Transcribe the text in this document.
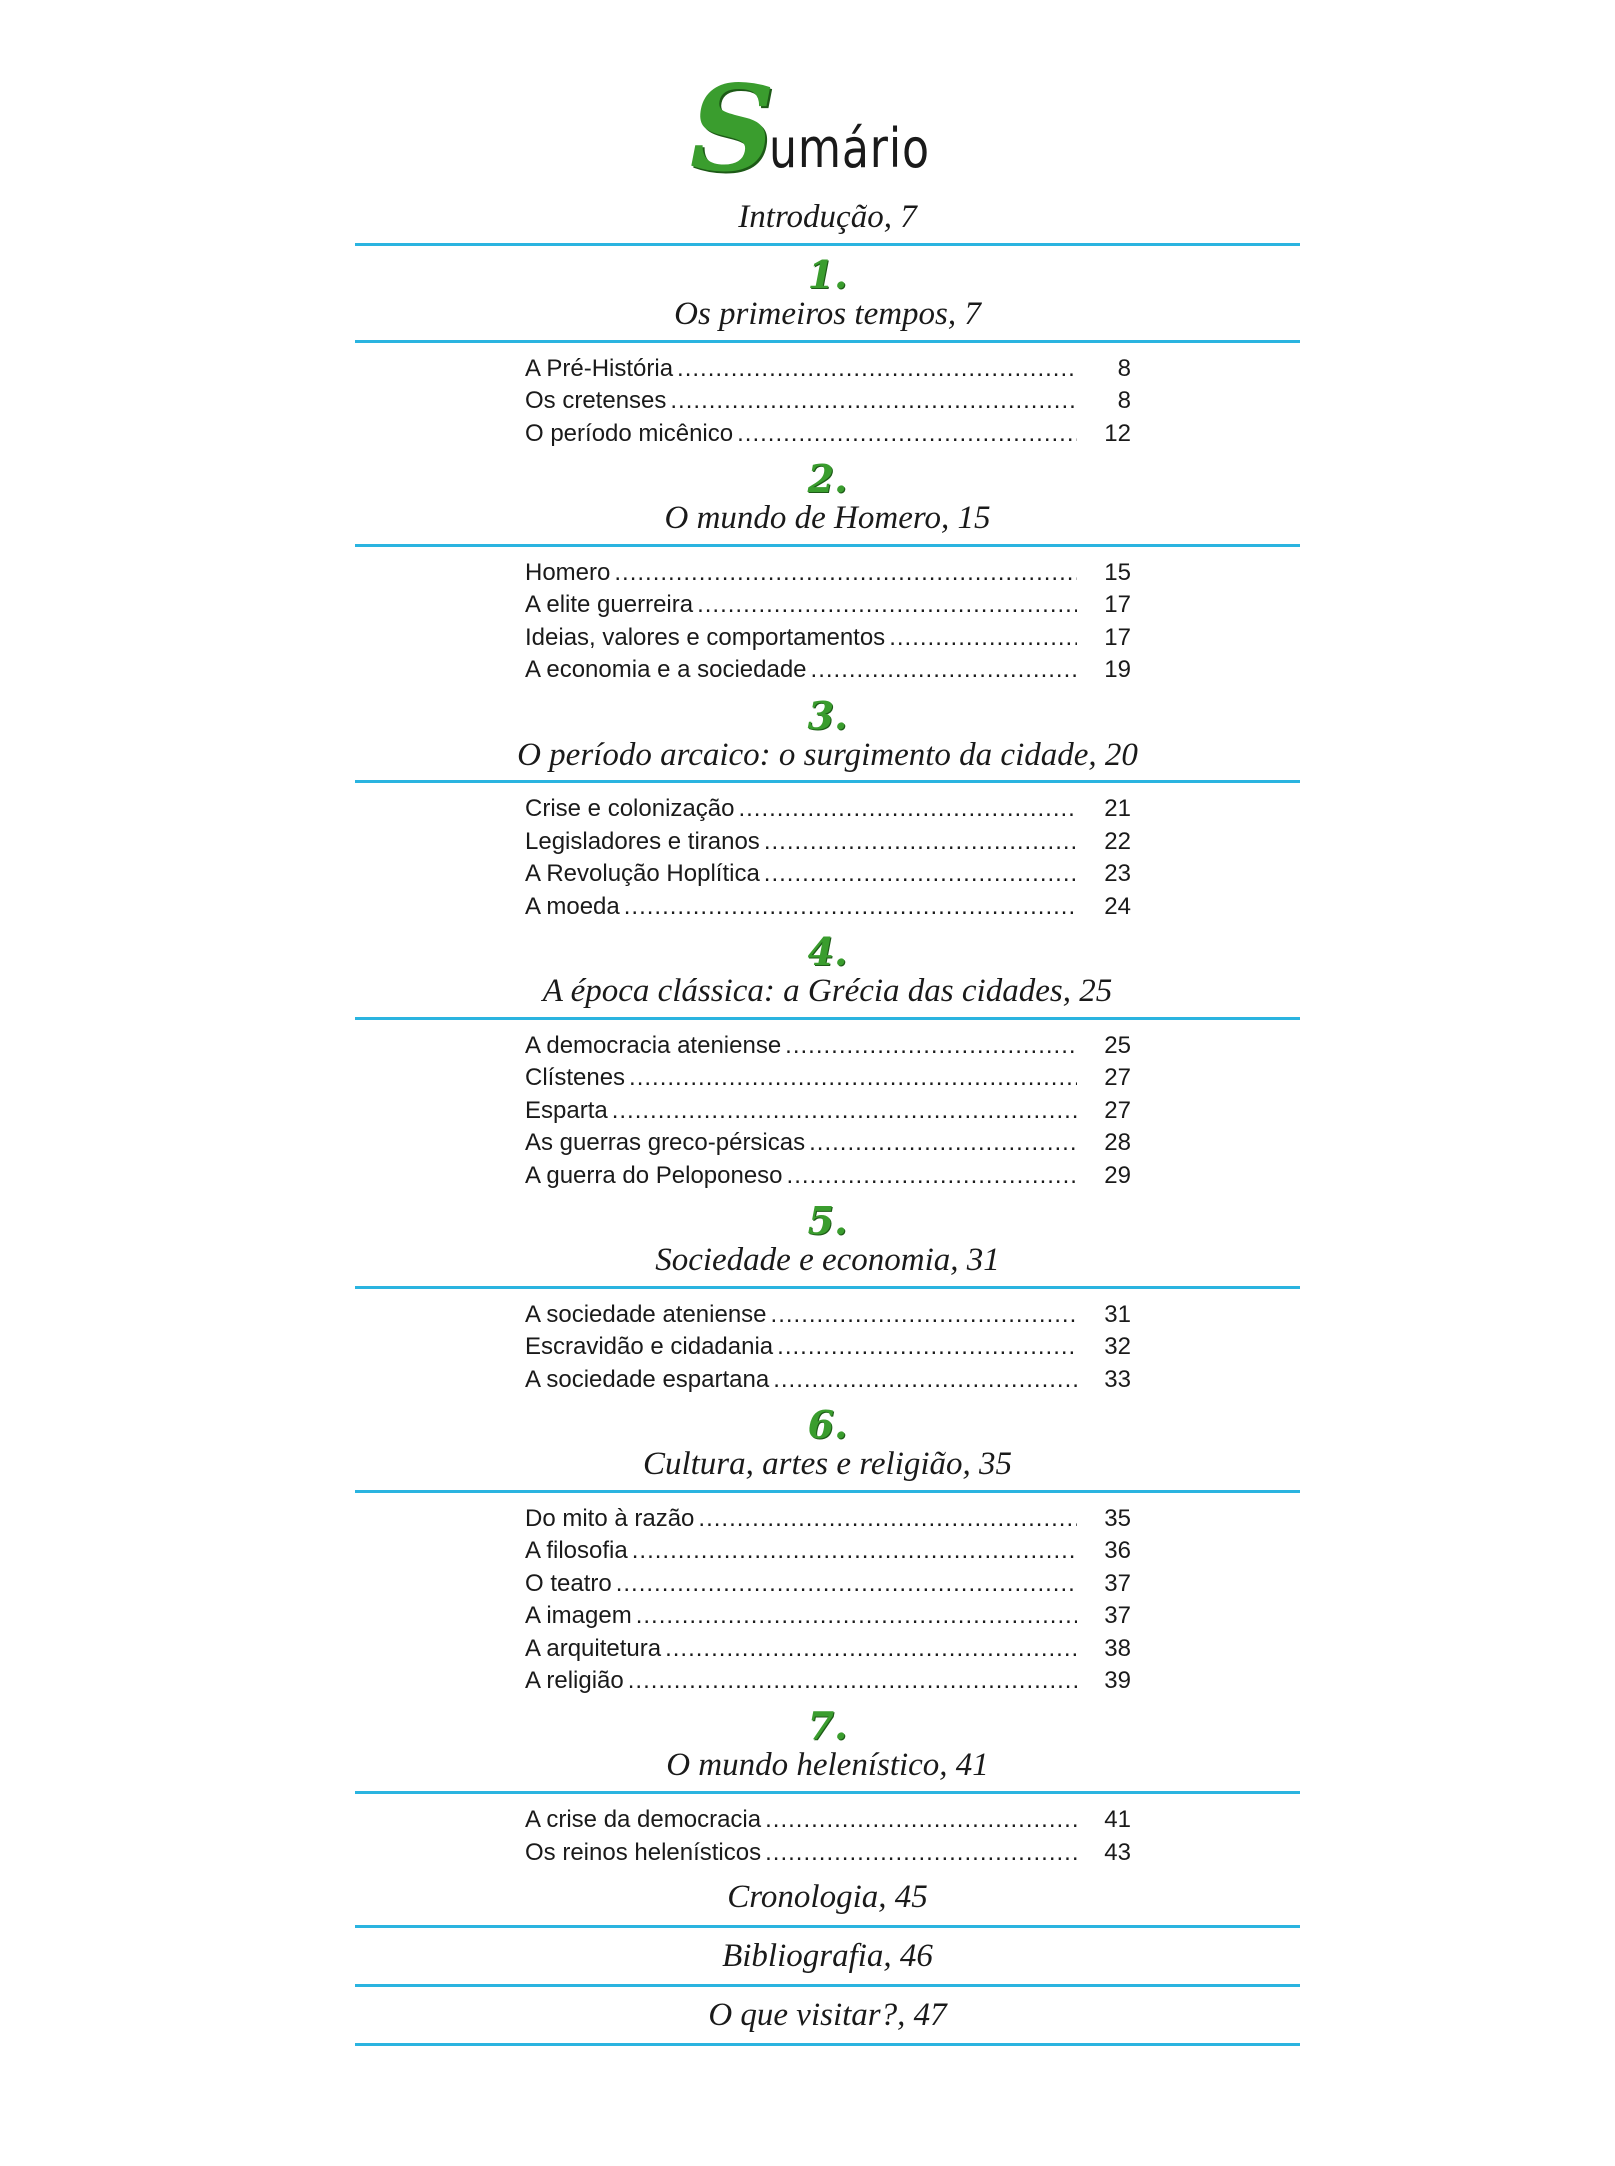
Sumário
Introdução, 7
1.
Os primeiros tempos, 7
A Pré-História .....	8
Os cretenses .....	8
O período micênico .....	12
2.
O mundo de Homero, 15
Homero .....	15
A elite guerreira .....	17
Ideias, valores e comportamentos .....	17
A economia e a sociedade .....	19
3.
O período arcaico: o surgimento da cidade, 20
Crise e colonização .....	21
Legisladores e tiranos .....	22
A Revolução Hoplítica .....	23
A moeda .....	24
4.
A época clássica: a Grécia das cidades, 25
A democracia ateniense .....	25
Clístenes .....	27
Esparta .....	27
As guerras greco-pérsicas .....	28
A guerra do Peloponeso .....	29
5.
Sociedade e economia, 31
A sociedade ateniense .....	31
Escravidão e cidadania .....	32
A sociedade espartana .....	33
6.
Cultura, artes e religião, 35
Do mito à razão .....	35
A filosofia .....	36
O teatro .....	37
A imagem .....	37
A arquitetura .....	38
A religião .....	39
7.
O mundo helenístico, 41
A crise da democracia .....	41
Os reinos helenísticos .....	43
Cronologia, 45
Bibliografia, 46
O que visitar?, 47
